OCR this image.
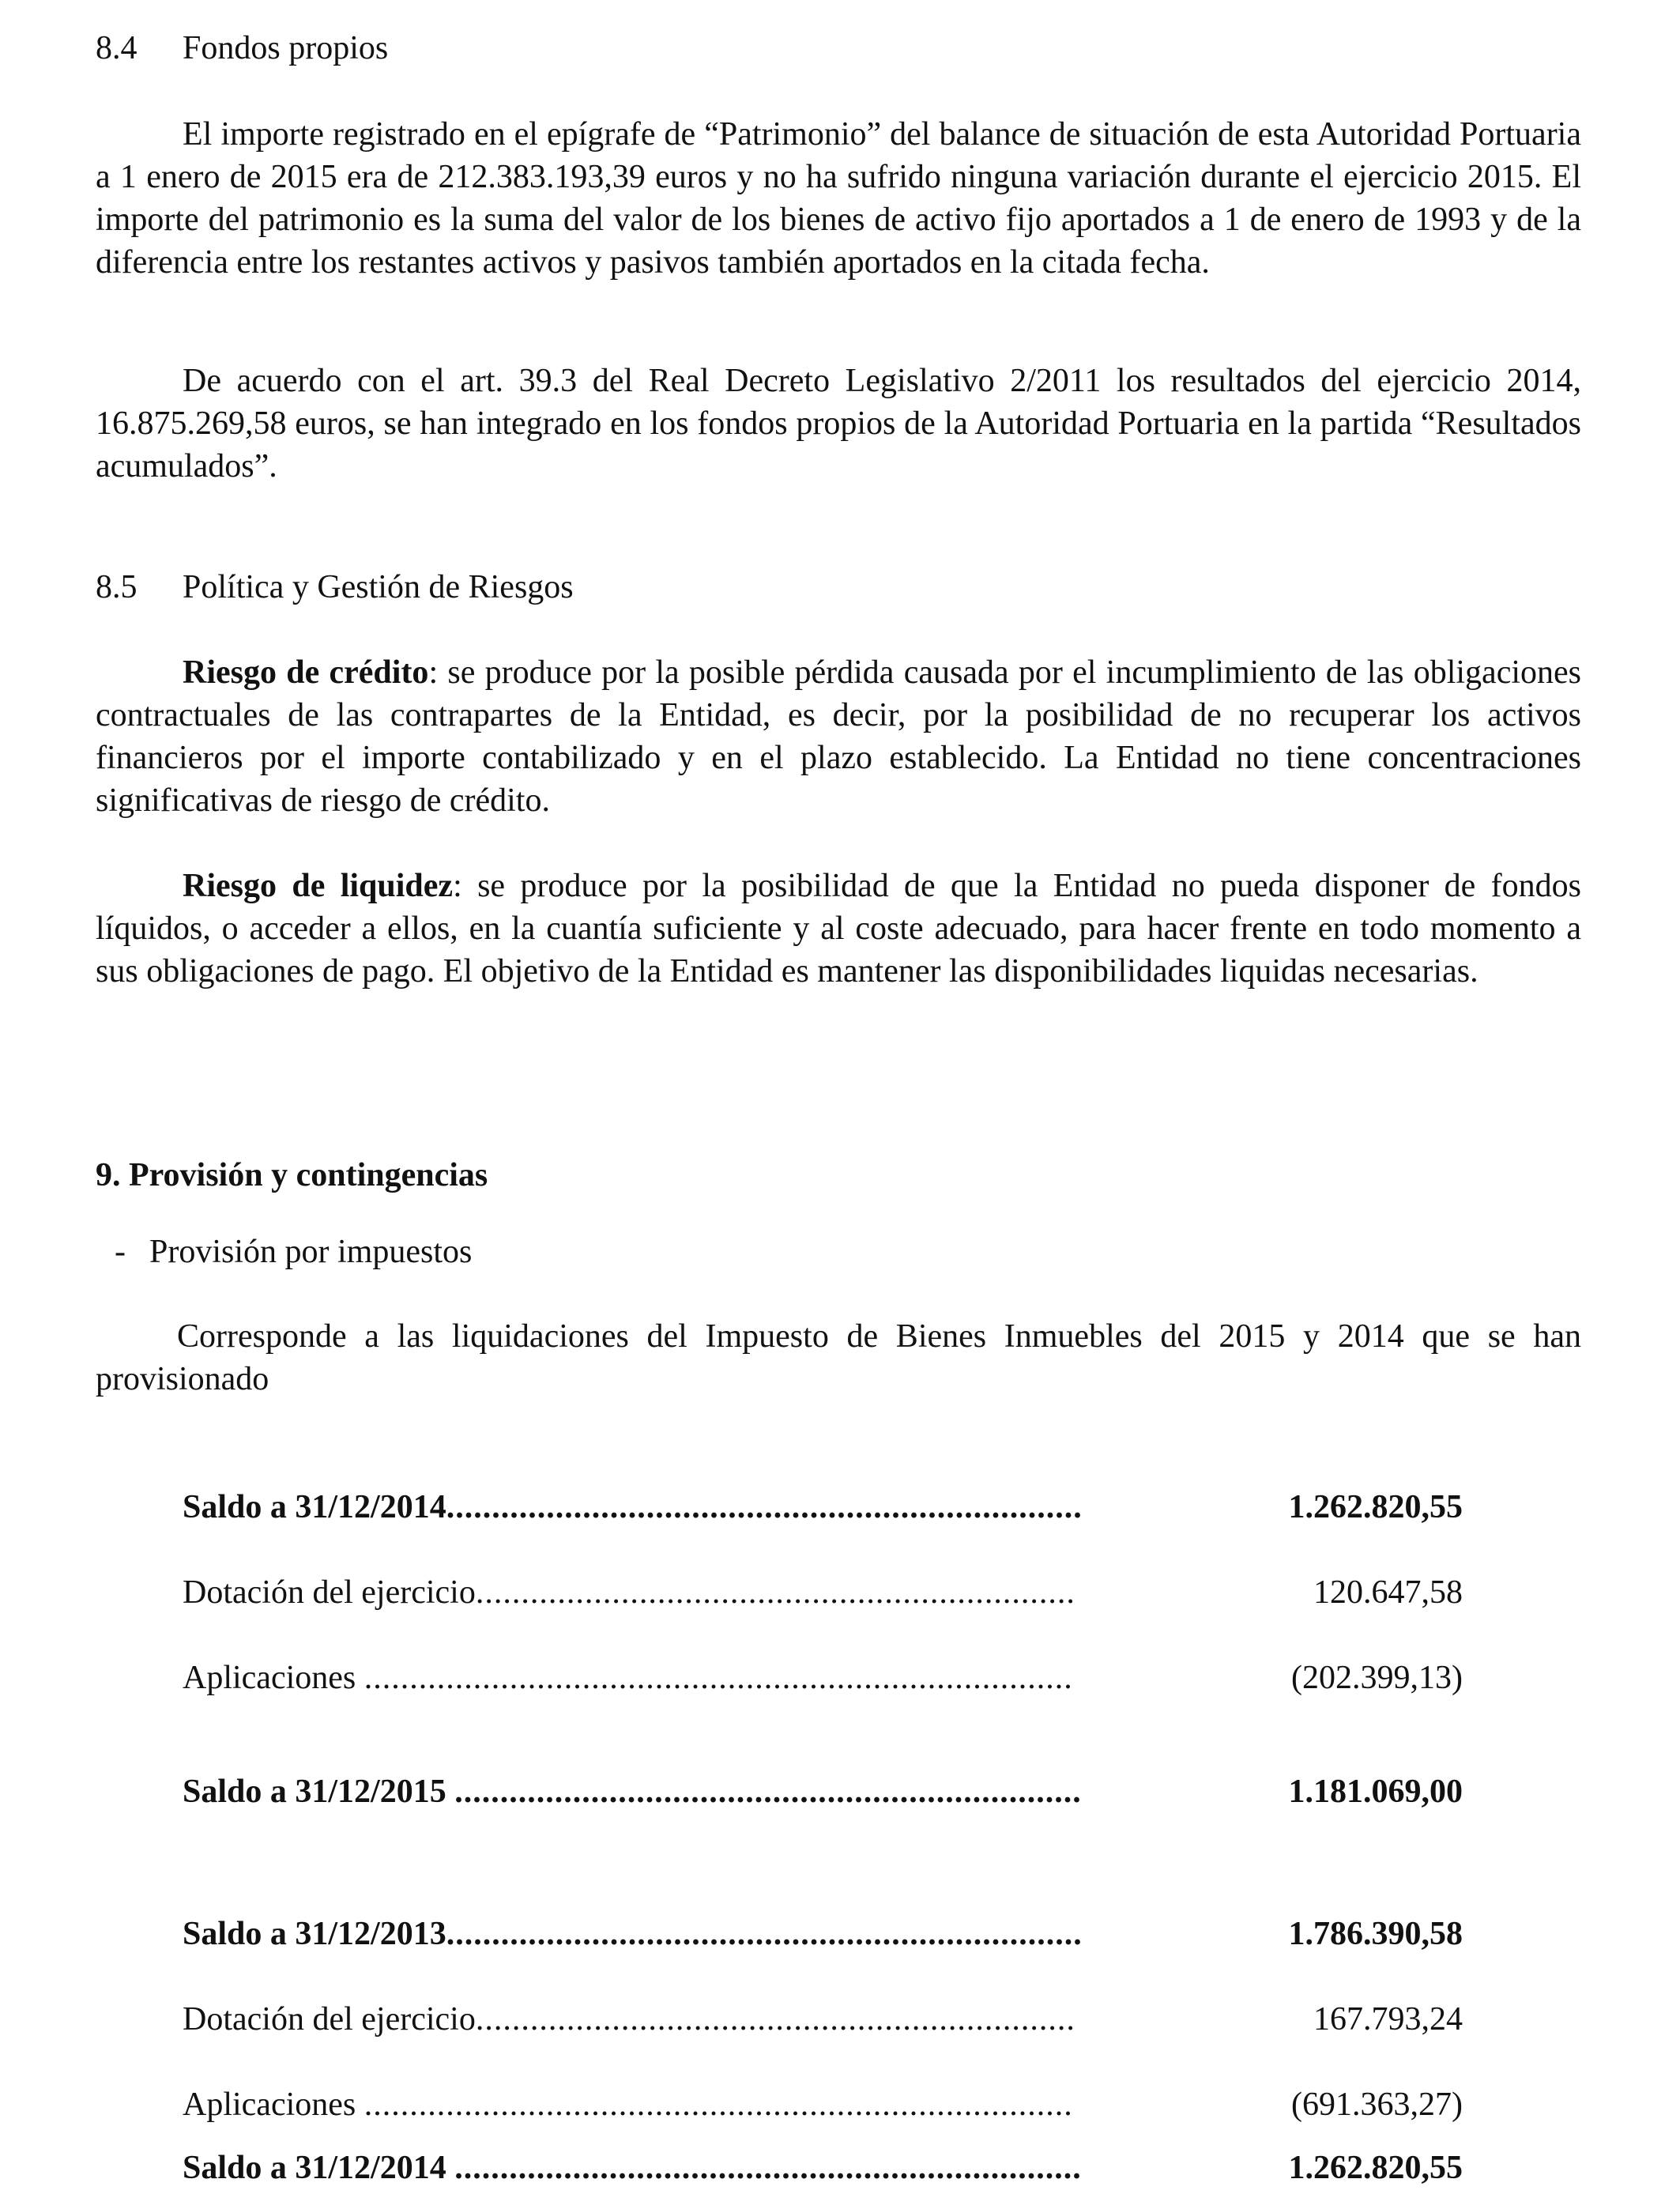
8.4 Fondos propios

El importe registrado en el epígrafe de “Patrimonio” del balance de situación de esta Autoridad Portuaria a 1 enero de 2015 era de 212.383.193,39 euros y no ha sufrido ninguna variación durante el ejercicio 2015. El importe del patrimonio es la suma del valor de los bienes de activo fijo aportados a 1 de enero de 1993 y de la diferencia entre los restantes activos y pasivos también aportados en la citada fecha.

De acuerdo con el art. 39.3 del Real Decreto Legislativo 2/2011 los resultados del ejercicio 2014, 16.875.269,58 euros, se han integrado en los fondos propios de la Autoridad Portuaria en la partida “Resultados acumulados”.

8.5 Política y Gestión de Riesgos

Riesgo de crédito: se produce por la posible pérdida causada por el incumplimiento de las obligaciones contractuales de las contrapartes de la Entidad, es decir, por la posibilidad de no recuperar los activos financieros por el importe contabilizado y en el plazo establecido. La Entidad no tiene concentraciones significativas de riesgo de crédito.

Riesgo de liquidez: se produce por la posibilidad de que la Entidad no pueda disponer de fondos líquidos, o acceder a ellos, en la cuantía suficiente y al coste adecuado, para hacer frente en todo momento a sus obligaciones de pago. El objetivo de la Entidad es mantener las disponibilidades liquidas necesarias.

9. Provisión y contingencias
- Provisión por impuestos

Corresponde a las liquidaciones del Impuesto de Bienes Inmuebles del 2015 y 2014 que se han provisionado

Saldo a 31/12/2014......................................................................	1.262.820,55
Dotación del ejercicio..................................................................	120.647,58
Aplicaciones ..............................................................................	(202.399,13)
Saldo a 31/12/2015 .....................................................................	1.181.069,00
Saldo a 31/12/2013......................................................................	1.786.390,58
Dotación del ejercicio..................................................................	167.793,24
Aplicaciones ..............................................................................	(691.363,27)
Saldo a 31/12/2014 .....................................................................	1.262.820,55
